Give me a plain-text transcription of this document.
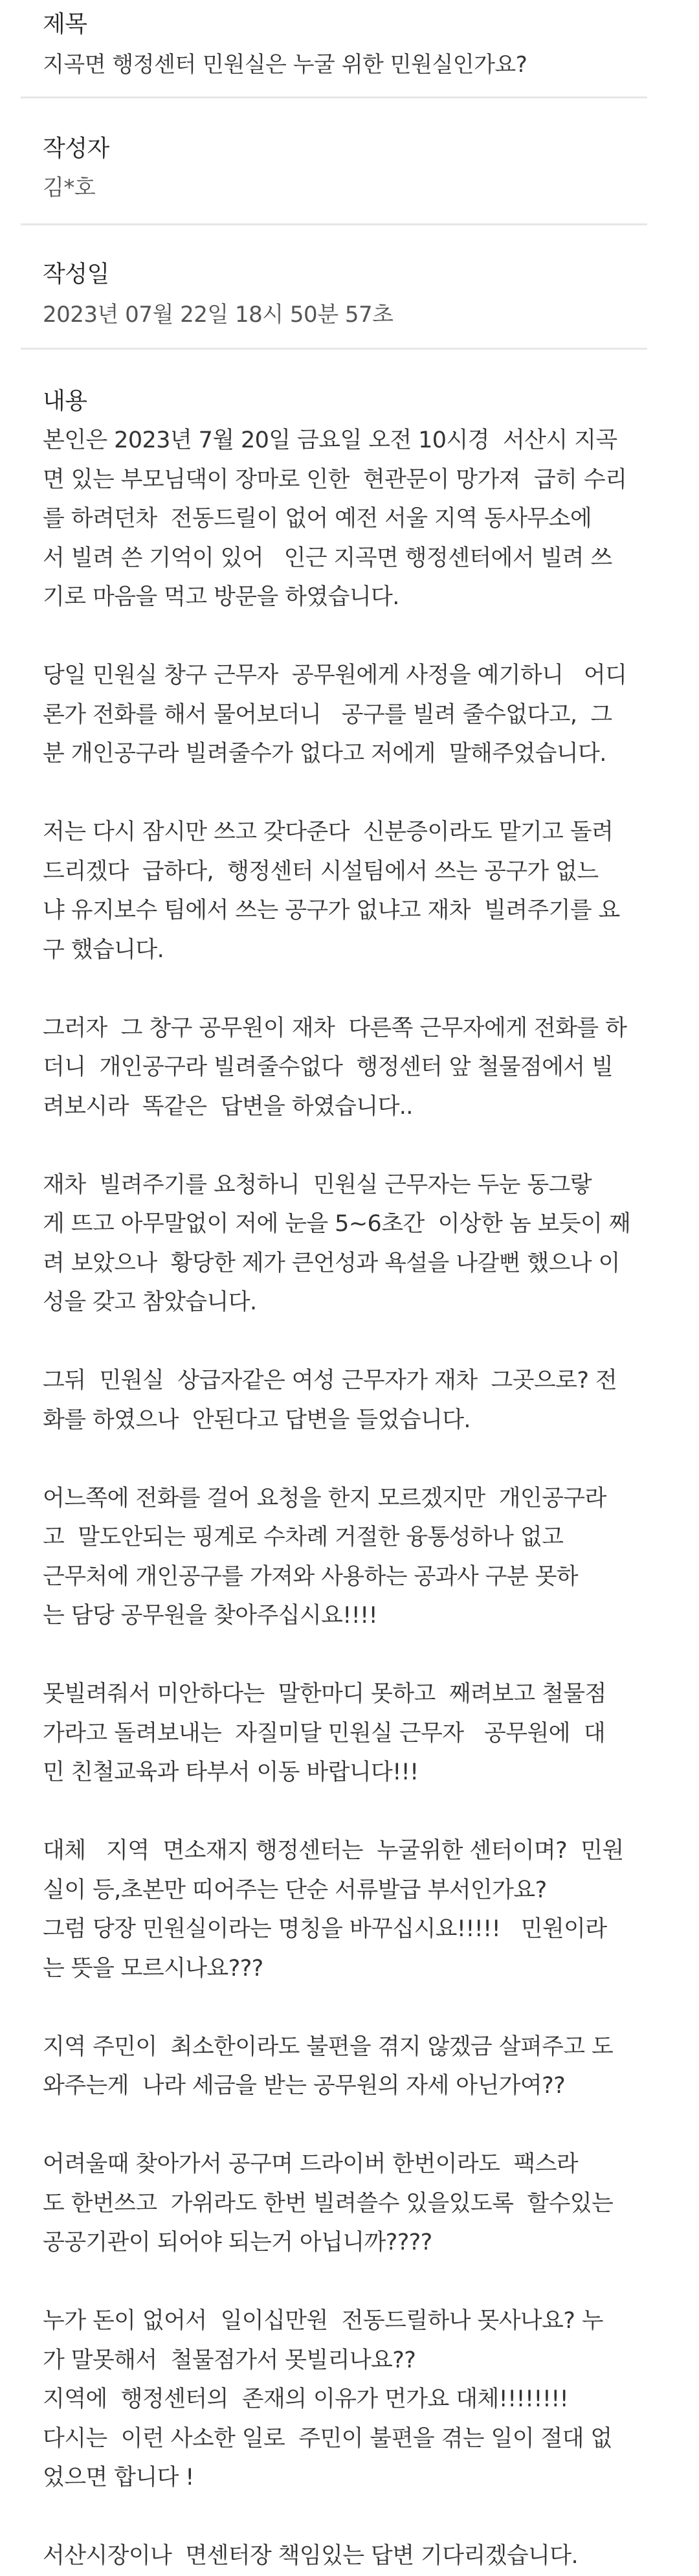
제목
지곡면 행정센터 민원실은 누굴 위한 민원실인가요?
작성자
김*호
작성일
2023년 07월 22일 18시 50분 57초
내용

본인은 2023년 7월 20일 금요일 오전 10시경  서산시 지곡
면 있는 부모님댁이 장마로 인한  현관문이 망가져  급히 수리
를 하려던차  전동드릴이 없어 예전 서울 지역 동사무소에
서 빌려 쓴 기억이 있어   인근 지곡면 행정센터에서 빌려 쓰
기로 마음을 먹고 방문을 하였습니다.

당일 민원실 창구 근무자  공무원에게 사정을 예기하니   어디
론가 전화를 해서 물어보더니   공구를 빌려 줄수없다고,  그
분 개인공구라 빌려줄수가 없다고 저에게  말해주었습니다.

저는 다시 잠시만 쓰고 갖다준다  신분증이라도 맡기고 돌려
드리겠다  급하다,  행정센터 시설팀에서 쓰는 공구가 없느
냐 유지보수 팀에서 쓰는 공구가 없냐고 재차  빌려주기를 요
구 했습니다.

그러자  그 창구 공무원이 재차  다른쪽 근무자에게 전화를 하
더니  개인공구라 빌려줄수없다  행정센터 앞 철물점에서 빌
려보시라  똑같은  답변을 하였습니다..

재차  빌려주기를 요청하니  민원실 근무자는 두눈 동그랗
게 뜨고 아무말없이 저에 눈을 5~6초간  이상한 놈 보듯이 째
려 보았으나  황당한 제가 큰언성과 욕설을 나갈뻔 했으나 이
성을 갖고 참았습니다.

그뒤  민원실  상급자같은 여성 근무자가 재차  그곳으로? 전
화를 하였으나  안된다고 답변을 들었습니다.

어느쪽에 전화를 걸어 요청을 한지 모르겠지만  개인공구라
고  말도안되는 핑계로 수차례 거절한 융통성하나 없고
근무처에 개인공구를 가져와 사용하는 공과사 구분 못하
는 담당 공무원을 찾아주십시요!!!!

못빌려줘서 미안하다는  말한마디 못하고  째려보고 철물점
가라고 돌려보내는  자질미달 민원실 근무자   공무원에  대
민 친철교육과 타부서 이동 바랍니다!!!

대체   지역  면소재지 행정센터는  누굴위한 센터이며?  민원
실이 등,초본만 띠어주는 단순 서류발급 부서인가요?
그럼 당장 민원실이라는 명칭을 바꾸십시요!!!!!   민원이라
는 뜻을 모르시나요???

지역 주민이  최소한이라도 불편을 겪지 않겠금 살펴주고 도
와주는게  나라 세금을 받는 공무원의 자세 아닌가여??

어려울때 찾아가서 공구며 드라이버 한번이라도  팩스라
도 한번쓰고  가위라도 한번 빌려쓸수 있을있도록  할수있는
공공기관이 되어야 되는거 아닙니까????

누가 돈이 없어서  일이십만원  전동드릴하나 못사나요? 누
가 말못해서  철물점가서 못빌리나요??
지역에  행정센터의  존재의 이유가 먼가요 대체!!!!!!!!
다시는  이런 사소한 일로  주민이 불편을 겪는 일이 절대 없
었으면 합니다 !

서산시장이나  면센터장 책임있는 답변 기다리겠습니다.
